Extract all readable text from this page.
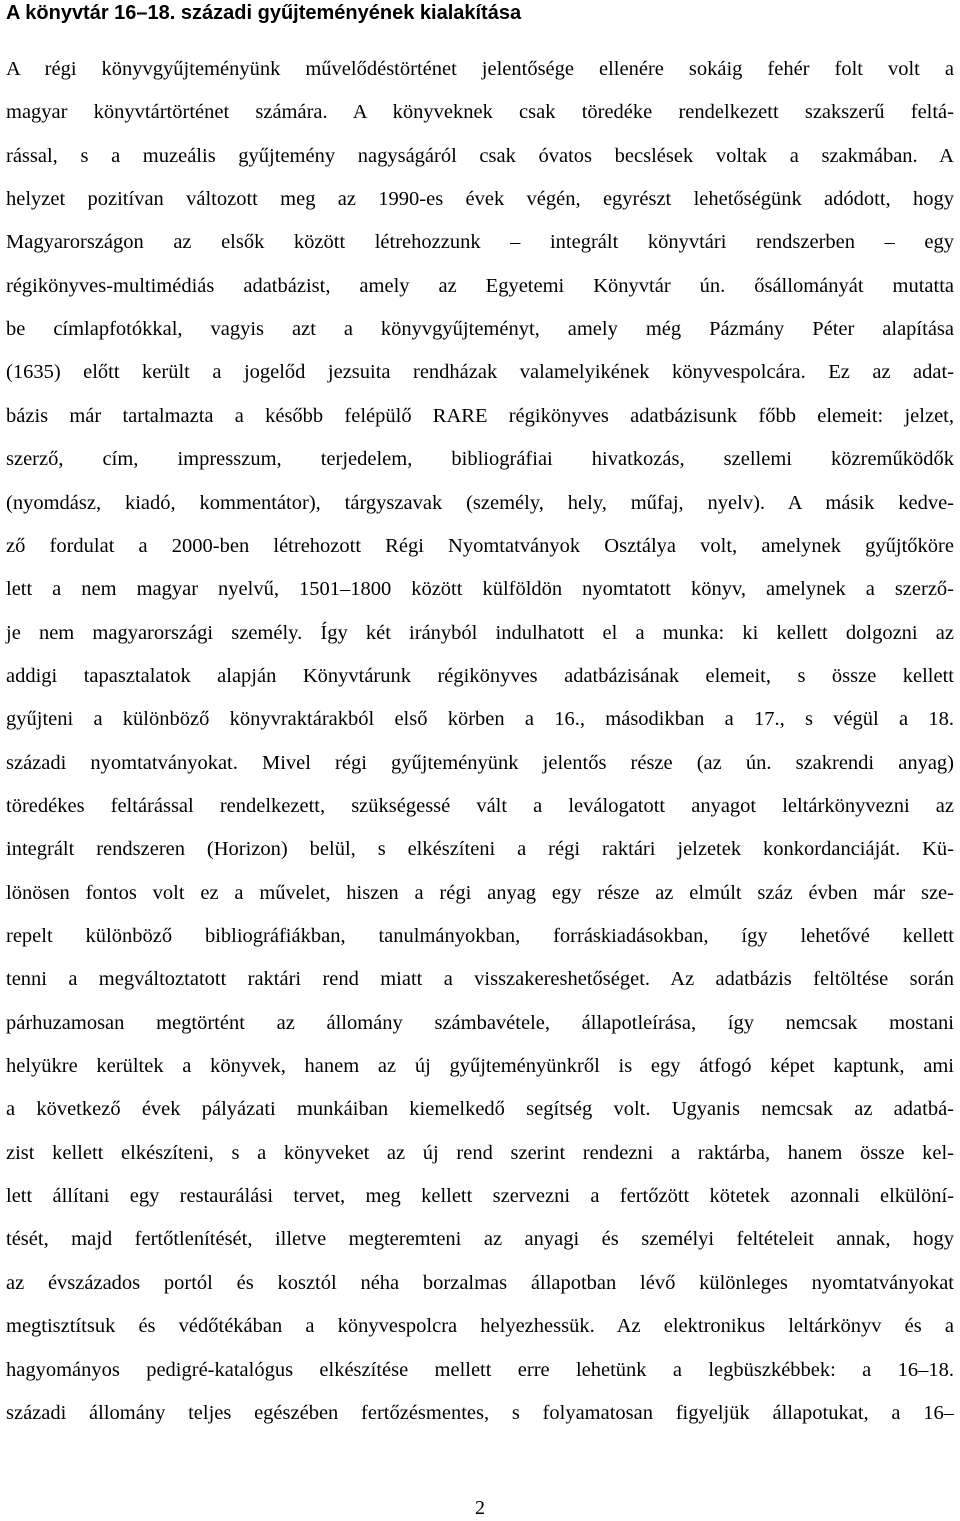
A könyvtár 16–18. századi gyűjteményének kialakítása
A régi könyvgyűjteményünk művelődéstörténet jelentősége ellenére sokáig fehér folt volt a
magyar könyvtártörténet számára. A könyveknek csak töredéke rendelkezett szakszerű feltá-
rással, s a muzeális gyűjtemény nagyságáról csak óvatos becslések voltak a szakmában. A
helyzet pozitívan változott meg az 1990-es évek végén, egyrészt lehetőségünk adódott, hogy
Magyarországon az elsők között létrehozzunk – integrált könyvtári rendszerben – egy
régikönyves-multimédiás adatbázist, amely az Egyetemi Könyvtár ún. ősállományát mutatta
be címlapfotókkal, vagyis azt a könyvgyűjteményt, amely még Pázmány Péter alapítása
(1635) előtt került a jogelőd jezsuita rendházak valamelyikének könyvespolcára. Ez az adat-
bázis már tartalmazta a később felépülő RARE régikönyves adatbázisunk főbb elemeit: jelzet,
szerző, cím, impresszum, terjedelem, bibliográfiai hivatkozás, szellemi közreműködők
(nyomdász, kiadó, kommentátor), tárgyszavak (személy, hely, műfaj, nyelv). A másik kedve-
ző fordulat a 2000-ben létrehozott Régi Nyomtatványok Osztálya volt, amelynek gyűjtőköre
lett a nem magyar nyelvű, 1501–1800 között külföldön nyomtatott könyv, amelynek a szerző-
je nem magyarországi személy. Így két irányból indulhatott el a munka: ki kellett dolgozni az
addigi tapasztalatok alapján Könyvtárunk régikönyves adatbázisának elemeit, s össze kellett
gyűjteni a különböző könyvraktárakból első körben a 16., másodikban a 17., s végül a 18.
századi nyomtatványokat. Mivel régi gyűjteményünk jelentős része (az ún. szakrendi anyag)
töredékes feltárással rendelkezett, szükségessé vált a leválogatott anyagot leltárkönyvezni az
integrált rendszeren (Horizon) belül, s elkészíteni a régi raktári jelzetek konkordanciáját. Kü-
lönösen fontos volt ez a művelet, hiszen a régi anyag egy része az elmúlt száz évben már sze-
repelt különböző bibliográfiákban, tanulmányokban, forráskiadásokban, így lehetővé kellett
tenni a megváltoztatott raktári rend miatt a visszakereshetőséget. Az adatbázis feltöltése során
párhuzamosan megtörtént az állomány számbavétele, állapotleírása, így nemcsak mostani
helyükre kerültek a könyvek, hanem az új gyűjteményünkről is egy átfogó képet kaptunk, ami
a következő évek pályázati munkáiban kiemelkedő segítség volt. Ugyanis nemcsak az adatbá-
zist kellett elkészíteni, s a könyveket az új rend szerint rendezni a raktárba, hanem össze kel-
lett állítani egy restaurálási tervet, meg kellett szervezni a fertőzött kötetek azonnali elkülöní-
tését, majd fertőtlenítését, illetve megteremteni az anyagi és személyi feltételeit annak, hogy
az évszázados portól és kosztól néha borzalmas állapotban lévő különleges nyomtatványokat
megtisztítsuk és védőtékában a könyvespolcra helyezhessük. Az elektronikus leltárkönyv és a
hagyományos pedigré-katalógus elkészítése mellett erre lehetünk a legbüszkébbek: a 16–18.
századi állomány teljes egészében fertőzésmentes, s folyamatosan figyeljük állapotukat, a 16–
2
